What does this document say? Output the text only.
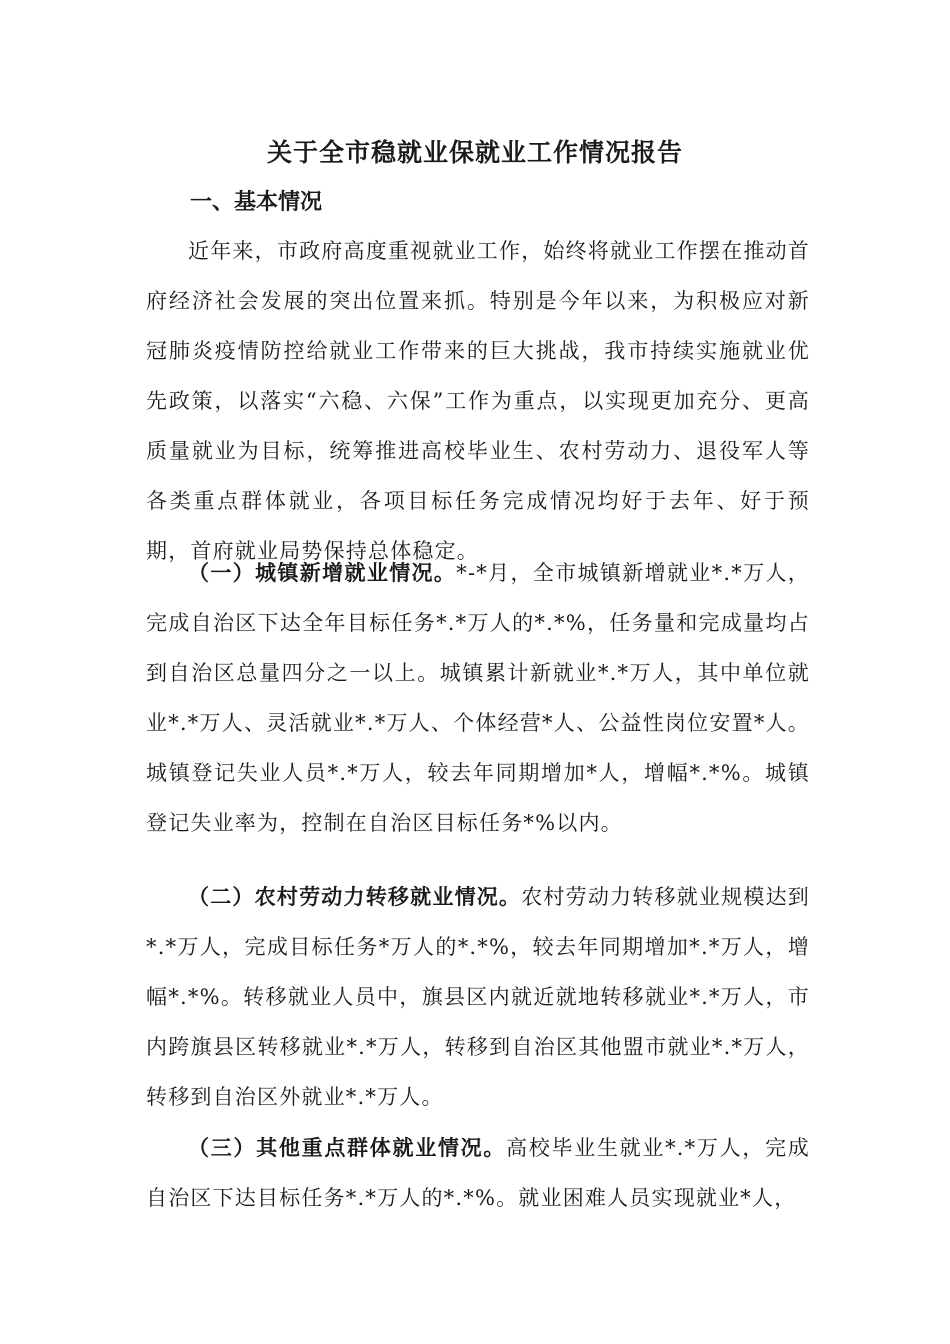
关于全市稳就业保就业工作情况报告
一、基本情况

近年来，市政府高度重视就业工作，始终将就业工作摆在推动首府经济社会发展的突出位置来抓。特别是今年以来，为积极应对新冠肺炎疫情防控给就业工作带来的巨大挑战，我市持续实施就业优先政策，以落实“六稳、六保”工作为重点，以实现更加充分、更高质量就业为目标，统筹推进高校毕业生、农村劳动力、退役军人等各类重点群体就业，各项目标任务完成情况均好于去年、好于预期，首府就业局势保持总体稳定。

（一）城镇新增就业情况。*-*月，全市城镇新增就业*.*万人，完成自治区下达全年目标任务*.*万人的*.*%，任务量和完成量均占到自治区总量四分之一以上。城镇累计新就业*.*万人，其中单位就业*.*万人、灵活就业*.*万人、个体经营*人、公益性岗位安置*人。城镇登记失业人员*.*万人，较去年同期增加*人，增幅*.*%。城镇登记失业率为，控制在自治区目标任务*%以内。

（二）农村劳动力转移就业情况。农村劳动力转移就业规模达到*.*万人，完成目标任务*万人的*.*%，较去年同期增加*.*万人，增幅*.*%。转移就业人员中，旗县区内就近就地转移就业*.*万人，市内跨旗县区转移就业*.*万人，转移到自治区其他盟市就业*.*万人，转移到自治区外就业*.*万人。

（三）其他重点群体就业情况。高校毕业生就业*.*万人，完成自治区下达目标任务*.*万人的*.*%。就业困难人员实现就业*人，
